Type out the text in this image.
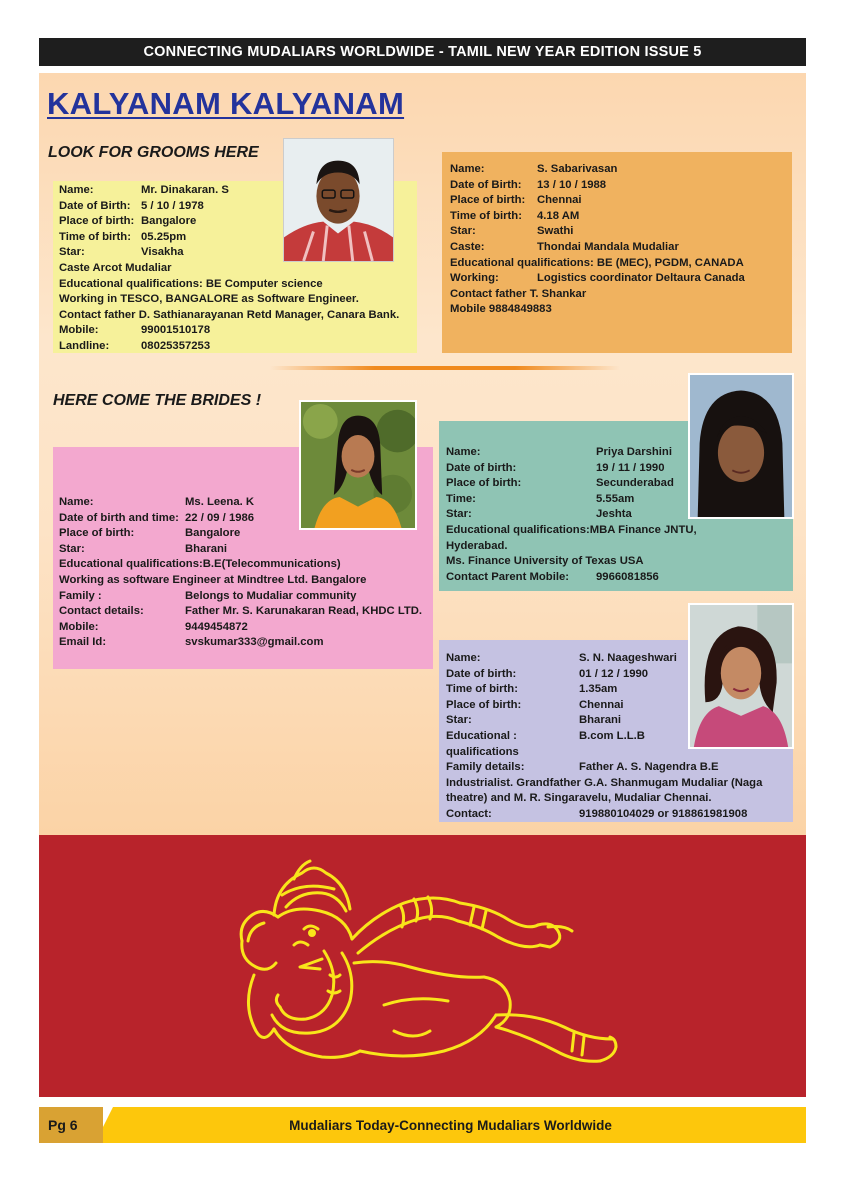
CONNECTING MUDALIARS WORLDWIDE - TAMIL NEW YEAR EDITION ISSUE 5
KALYANAM KALYANAM
LOOK FOR GROOMS HERE
Name:	Mr. Dinakaran. S
Date of Birth: 5 / 10 / 1978
Place of birth: Bangalore
Time of birth: 05.25pm
Star:	Visakha
Caste Arcot Mudaliar
Educational qualifications: BE Computer science
Working in TESCO, BANGALORE as Software Engineer.
Contact father D. Sathianarayanan Retd Manager, Canara Bank.
Mobile:	99001510178
Landline:	08025357253
Name:	S. Sabarivasan
Date of Birth:	13 / 10 / 1988
Place of birth:	Chennai
Time of birth:	4.18 AM
Star:	Swathi
Caste:	Thondai Mandala Mudaliar
Educational qualifications: BE (MEC), PGDM, CANADA
Working:	Logistics coordinator Deltaura Canada
Contact father T. Shankar
Mobile 9884849883
HERE COME THE BRIDES !
Name:	Ms. Leena. K
Date of birth and time: 22 / 09 / 1986
Place of birth:	Bangalore
Star:	Bharani
Educational qualifications:B.E(Telecommunications)
Working as software Engineer at Mindtree Ltd. Bangalore
Family :	Belongs to Mudaliar community
Contact details:	Father Mr. S. Karunakaran Read, KHDC LTD.
Mobile:	9449454872
Email Id:	svskumar333@gmail.com
Name:	Priya Darshini
Date of birth:	19 / 11 / 1990
Place of birth:	Secunderabad
Time:	5.55am
Star:	Jeshta
Educational qualifications:MBA Finance JNTU,
Hyderabad.
Ms. Finance University of Texas USA
Contact Parent Mobile:	9966081856
Name:	S. N. Naageshwari
Date of birth:	01 / 12 / 1990
Time of birth:	1.35am
Place of birth:	Chennai
Star:	Bharani
Educational :	B.com L.L.B
qualifications
Family details:	Father A. S. Nagendra B.E
Industrialist. Grandfather G.A. Shanmugam Mudaliar (Naga
theatre) and M. R. Singaravelu, Mudaliar Chennai.
Contact:	919880104029 or 918861981908
Pg 6	Mudaliars Today-Connecting Mudaliars Worldwide
